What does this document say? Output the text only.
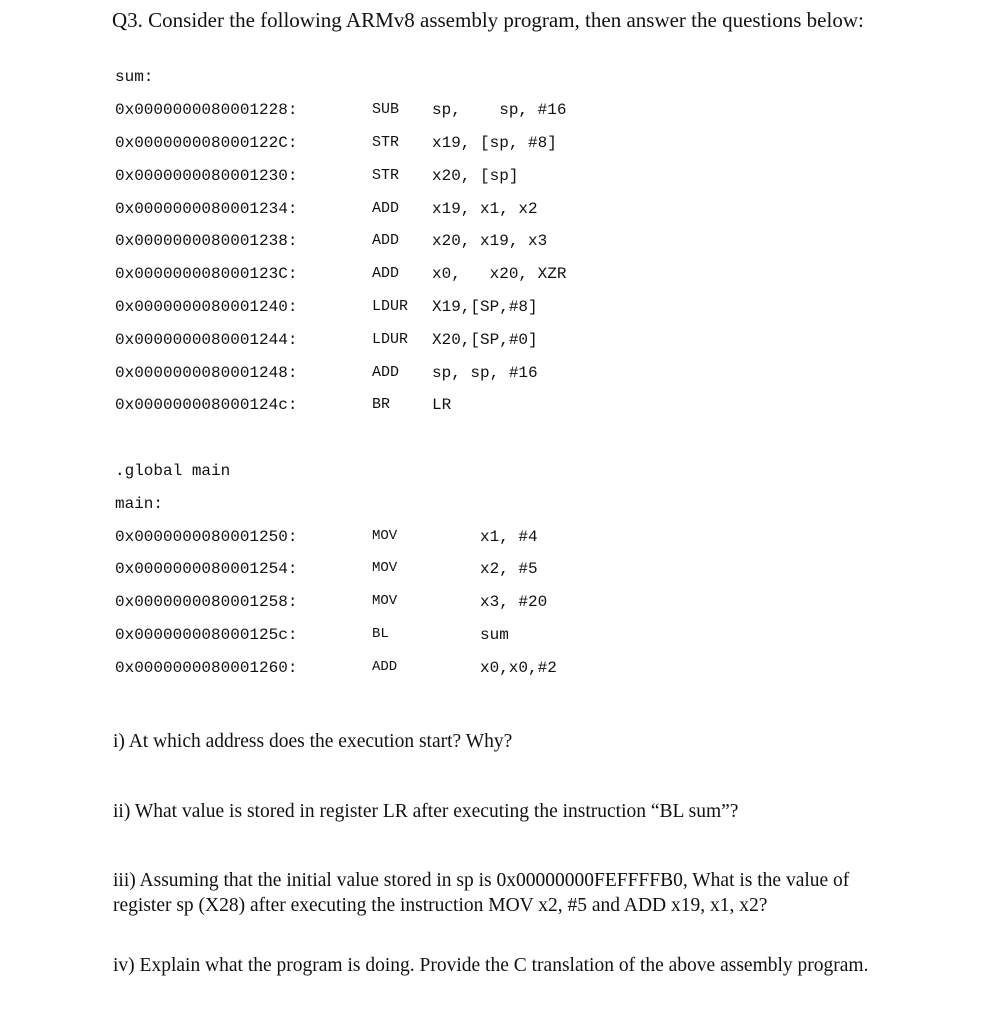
Q3. Consider the following ARMv8 assembly program, then answer the questions below:
sum:
0x0000000080001228:	SUB sp,    sp, #16
0x000000008000122C:	STR x19, [sp, #8]
0x0000000080001230:	STR x20, [sp]
0x0000000080001234:	ADD x19, x1, x2
0x0000000080001238:	ADD x20, x19, x3
0x000000008000123C:	ADD x0,   x20, XZR
0x0000000080001240:	LDUR X19,[SP,#8]
0x0000000080001244:	LDUR X20,[SP,#0]
0x0000000080001248:	ADD sp, sp, #16
0x000000008000124c:	BR	LR
.global main
main:
0x0000000080001250:	MOV	x1, #4
0x0000000080001254:	MOV	x2, #5
0x0000000080001258:	MOV	x3, #20
0x000000008000125c:	BL	sum
0x0000000080001260:	ADD	x0,x0,#2
i) At which address does the execution start? Why?
ii) What value is stored in register LR after executing the instruction “BL sum”?
iii) Assuming that the initial value stored in sp is 0x00000000FEFFFFB0, What is the value of register sp (X28) after executing the instruction MOV x2, #5 and ADD x19, x1, x2?
iv) Explain what the program is doing. Provide the C translation of the above assembly program.
